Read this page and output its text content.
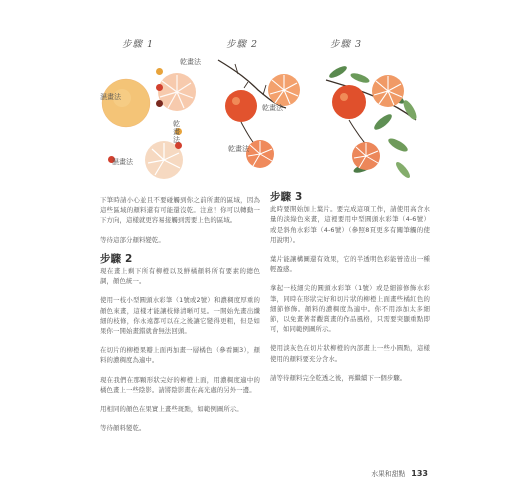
步驟 1	步驟 2	步驟 3
乾畫法
濕畫法
乾畫法
濕畫法
乾畫法
乾畫法

下筆時請小心並且不要碰觸到你之前所畫的區域，因為這些區域的顏料還有可能還沒乾。注意！你可以轉動一下方向，這樣就更容易接觸到需要上色的區域。

等待這部分顏料變乾。

步驟 2

現在畫上剩下所有柳橙以及鮮橘顏料所有要素的總色調，顏色統一。

使用一枝小型圓頭水彩筆（1號或2號）和濃稠度厚重的顏色來畫，這樣才能讓枝條清晰可見。一開始先畫出纖細的枝條，你永遠都可以在之後讓它變得更粗，但是如果你一開始畫錯就會無法回頭。

在切片的柳橙果瓣上面再加畫一層橘色（參看圖3），顏料的濃稠度為適中。

現在我們在那顆形狀完好的柳橙上面，用濃稠度適中的橘色畫上一些陰影。請將陰影畫在高光處的另外一邊。

用相同的顏色在果實上畫些斑點，如範例圖所示。

等待顏料變乾。

步驟 3

此時要開始加上葉片。要完成這項工作，請使用高含水量的淡綠色來畫，這裡要用中型圓頭水彩筆（4-6號）或是斜角水彩筆（4-6號）（參照8頁更多有關筆觸的使用說明）。

葉片能讓構圖還有效果，它的半透明色彩能營造出一種輕盈感。

拿起一枝細尖的圓頭水彩筆（1號）或是細節修飾水彩筆，同時在形狀完好和切片狀的柳橙上面畫些橘紅色的細節修飾。顏料的濃稠度為適中。你不用添加太多細節，以免畫著者觀賞畫的作品風格，只需要突顯重點即可，如同範例圖所示。

使用淡灰色在切片狀柳橙的內部畫上一些小圓點，這樣使用的顏料要充分含水。

請等待顏料完全乾透之後，再繼續下一個步驟。

水果和甜點 133
